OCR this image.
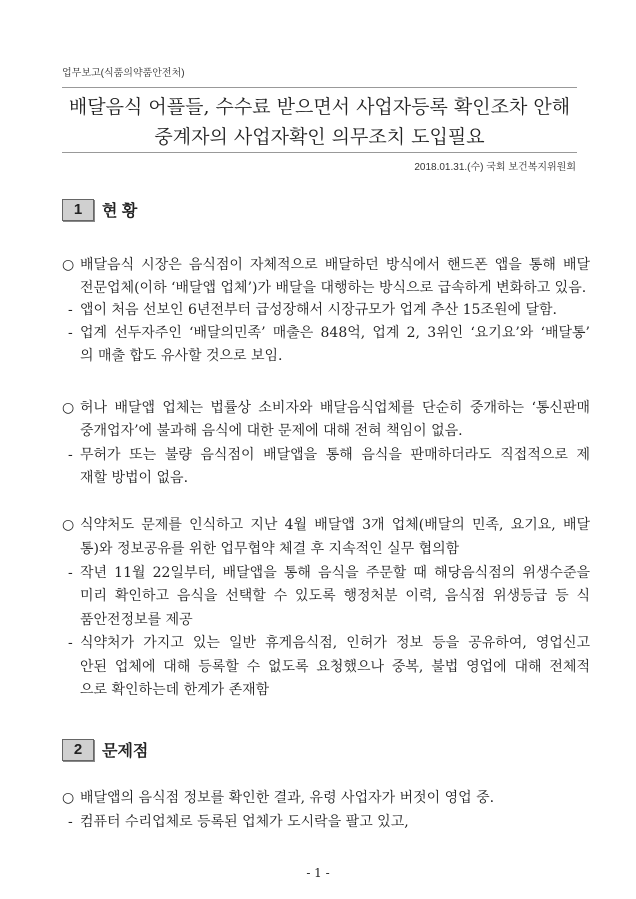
업무보고(식품의약품안전처)
배달음식 어플들, 수수료 받으면서 사업자등록 확인조차 안해
중계자의 사업자확인 의무조치 도입필요
2018.01.31.(수) 국회 보건복지위원회
1	현 황
2	문제점
○ 배달음식 시장은 음식점이 자체적으로 배달하던 방식에서 핸드폰 앱을 통해 배달
전문업체(이하 ‘배달앱 업체’)가 배달을 대행하는 방식으로 급속하게 변화하고 있음.
- 앱이 처음 선보인 6년전부터 급성장해서 시장규모가 업계 추산 15조원에 달함.
- 업계 선두자주인 ‘배달의민족’ 매출은 848억, 업계 2, 3위인 ‘요기요’와 ‘배달통’
의 매출 합도 유사할 것으로 보임.
○ 허나 배달앱 업체는 법률상 소비자와 배달음식업체를 단순히 중개하는 ‘통신판매
중개업자’에 불과해 음식에 대한 문제에 대해 전혀 책임이 없음.
- 무허가 또는 불량 음식점이 배달앱을 통해 음식을 판매하더라도 직접적으로 제
재할 방법이 없음.
○ 식약처도 문제를 인식하고 지난 4월 배달앱 3개 업체(배달의 민족, 요기요, 배달
통)와 정보공유를 위한 업무협약 체결 후 지속적인 실무 협의함
- 작년 11월 22일부터, 배달앱을 통해 음식을 주문할 때 해당음식점의 위생수준을
미리 확인하고 음식을 선택할 수 있도록 행정처분 이력, 음식점 위생등급 등 식
품안전정보를 제공
- 식약처가 가지고 있는 일반 휴게음식점, 인허가 정보 등을 공유하여, 영업신고
안된 업체에 대해 등록할 수 없도록 요청했으나 중복, 불법 영업에 대해 전체적
으로 확인하는데 한계가 존재함
○ 배달앱의 음식점 정보를 확인한 결과, 유령 사업자가 버젓이 영업 중.
- 컴퓨터 수리업체로 등록된 업체가 도시락을 팔고 있고,
- 1 -
